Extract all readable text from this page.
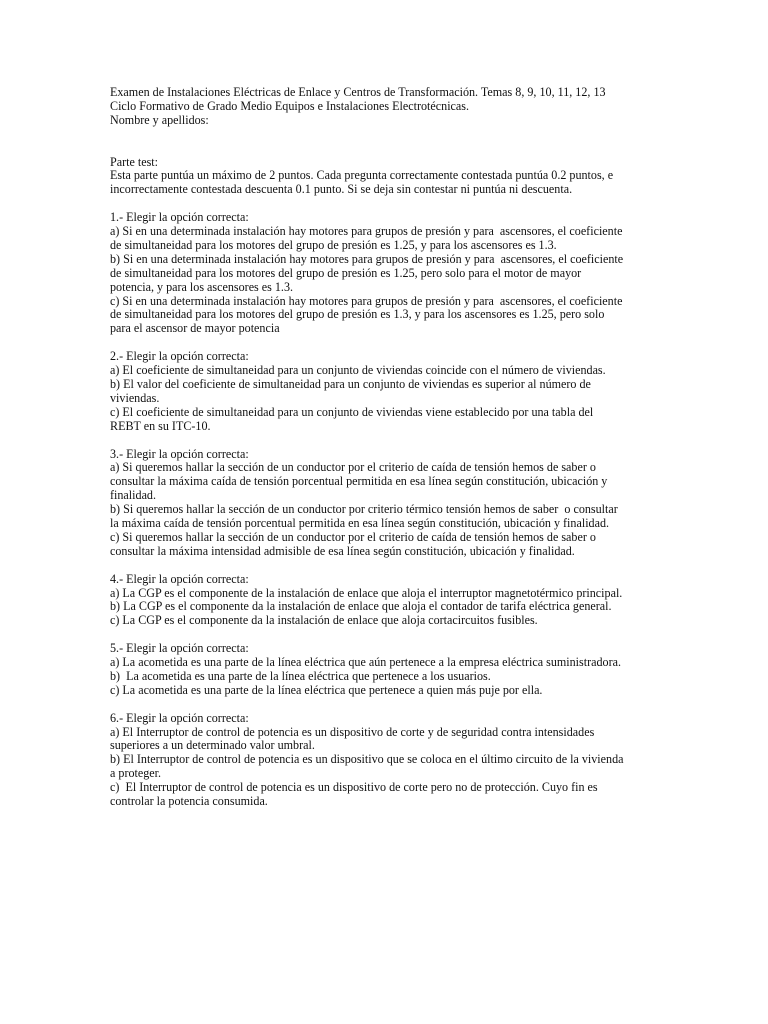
Examen de Instalaciones Eléctricas de Enlace y Centros de Transformación. Temas 8, 9, 10, 11, 12, 13
Ciclo Formativo de Grado Medio Equipos e Instalaciones Electrotécnicas.
Nombre y apellidos:
Parte test:
Esta parte puntúa un máximo de 2 puntos. Cada pregunta correctamente contestada puntúa 0.2 puntos, e
incorrectamente contestada descuenta 0.1 punto. Si se deja sin contestar ni puntúa ni descuenta.
1.- Elegir la opción correcta:
a) Si en una determinada instalación hay motores para grupos de presión y para  ascensores, el coeficiente
de simultaneidad para los motores del grupo de presión es 1.25, y para los ascensores es 1.3.
b) Si en una determinada instalación hay motores para grupos de presión y para  ascensores, el coeficiente
de simultaneidad para los motores del grupo de presión es 1.25, pero solo para el motor de mayor
potencia, y para los ascensores es 1.3.
c) Si en una determinada instalación hay motores para grupos de presión y para  ascensores, el coeficiente
de simultaneidad para los motores del grupo de presión es 1.3, y para los ascensores es 1.25, pero solo
para el ascensor de mayor potencia
2.- Elegir la opción correcta:
a) El coeficiente de simultaneidad para un conjunto de viviendas coincide con el número de viviendas.
b) El valor del coeficiente de simultaneidad para un conjunto de viviendas es superior al número de
viviendas.
c) El coeficiente de simultaneidad para un conjunto de viviendas viene establecido por una tabla del
REBT en su ITC-10.
3.- Elegir la opción correcta:
a) Si queremos hallar la sección de un conductor por el criterio de caída de tensión hemos de saber o
consultar la máxima caída de tensión porcentual permitida en esa línea según constitución, ubicación y
finalidad.
b) Si queremos hallar la sección de un conductor por criterio térmico tensión hemos de saber  o consultar
la máxima caída de tensión porcentual permitida en esa línea según constitución, ubicación y finalidad.
c) Si queremos hallar la sección de un conductor por el criterio de caída de tensión hemos de saber o
consultar la máxima intensidad admisible de esa línea según constitución, ubicación y finalidad.
4.- Elegir la opción correcta:
a) La CGP es el componente de la instalación de enlace que aloja el interruptor magnetotérmico principal.
b) La CGP es el componente da la instalación de enlace que aloja el contador de tarifa eléctrica general.
c) La CGP es el componente da la instalación de enlace que aloja cortacircuitos fusibles.
5.- Elegir la opción correcta:
a) La acometida es una parte de la línea eléctrica que aún pertenece a la empresa eléctrica suministradora.
b)  La acometida es una parte de la línea eléctrica que pertenece a los usuarios.
c) La acometida es una parte de la línea eléctrica que pertenece a quien más puje por ella.
6.- Elegir la opción correcta:
a) El Interruptor de control de potencia es un dispositivo de corte y de seguridad contra intensidades
superiores a un determinado valor umbral.
b) El Interruptor de control de potencia es un dispositivo que se coloca en el último circuito de la vivienda
a proteger.
c)  El Interruptor de control de potencia es un dispositivo de corte pero no de protección. Cuyo fin es
controlar la potencia consumida.
